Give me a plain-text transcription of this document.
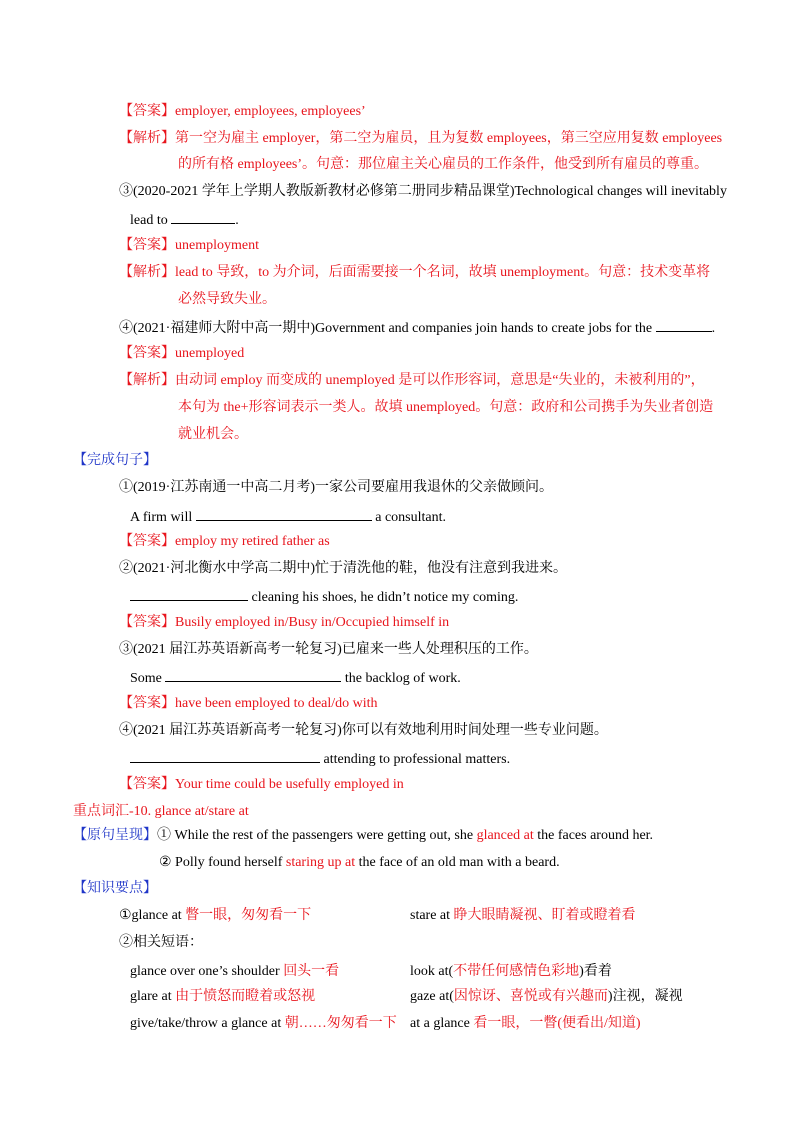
【答案】employer, employees, employees’
【解析】第一空为雇主 employer，第二空为雇员，且为复数 employees，第三空应用复数 employees
的所有格 employees’。句意：那位雇主关心雇员的工作条件，他受到所有雇员的尊重。
③(2020-2021 学年上学期人教版新教材必修第二册同步精品课堂)Technological changes will inevitably
lead to	.
【答案】unemployment
【解析】lead to 导致，to 为介词，后面需要接一个名词，故填 unemployment。句意：技术变革将
必然导致失业。
④(2021·福建师大附中高一期中)Government and companies join hands to create jobs for the	.
【答案】unemployed
【解析】由动词 employ 而变成的 unemployed 是可以作形容词，意思是“失业的，未被利用的”，
本句为 the+形容词表示一类人。故填 unemployed。句意：政府和公司携手为失业者创造
就业机会。
【完成句子】
①(2019·江苏南通一中高二月考)一家公司要雇用我退休的父亲做顾问。
A firm will	a consultant.
【答案】employ my retired father as
②(2021·河北衡水中学高二期中)忙于清洗他的鞋，他没有注意到我进来。
cleaning his shoes, he didn’t notice my coming.
【答案】Busily employed in/Busy in/Occupied himself in
③(2021 届江苏英语新高考一轮复习)已雇来一些人处理积压的工作。
Some	the backlog of work.
【答案】have been employed to deal/do with
④(2021 届江苏英语新高考一轮复习)你可以有效地利用时间处理一些专业问题。
attending to professional matters.
【答案】Your time could be usefully employed in
重点词汇-10. glance at/stare at
【原句呈现】① While the rest of the passengers were getting out, she glanced at the faces around her.
② Polly found herself staring up at the face of an old man with a beard.
【知识要点】
①glance at 瞥一眼，匆匆看一下	stare at 睁大眼睛凝视、盯着或瞪着看
②相关短语：
glance over one’s shoulder 回头一看	look at(不带任何感情色彩地)看着
glare at 由于愤怒而瞪着或怒视	gaze at(因惊讶、喜悦或有兴趣而)注视，凝视
give/take/throw a glance at 朝……匆匆看一下 at a glance 看一眼，一瞥(便看出/知道)
